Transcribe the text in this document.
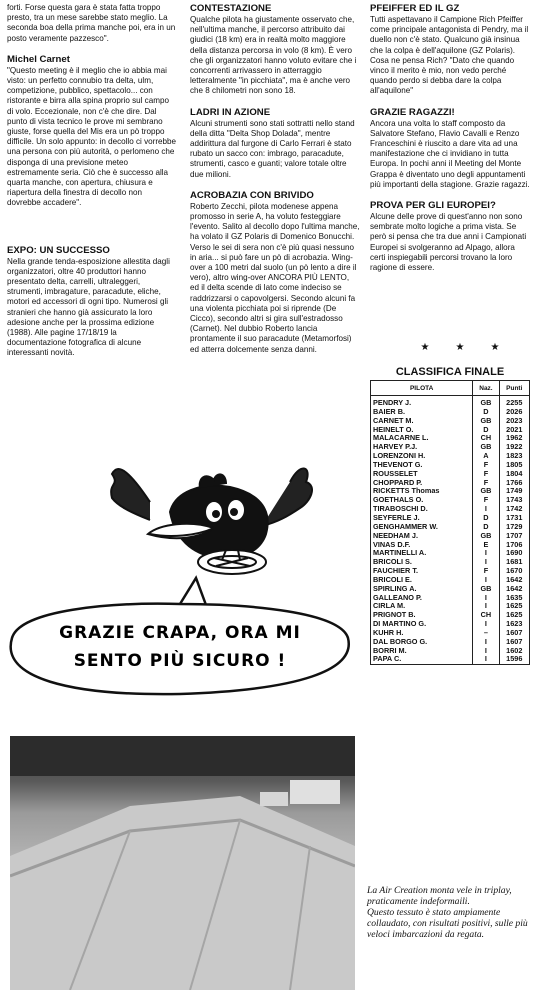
forti. Forse questa gara è stata fatta troppo presto, tra un mese sarebbe stato meglio. La seconda boa della prima manche poi, era in un posto veramente pazzesco".

Michel Carnet

"Questo meeting è il meglio che io abbia mai visto: un perfetto connubio tra delta, ulm, competizione, pubblico, spettacolo... con ristorante e birra alla spina proprio sul campo di volo. Eccezionale, non c'è che dire. Dal punto di vista tecnico le prove mi sembrano giuste, forse quella del Mis era un pò troppo difficile. Un solo appunto: in decollo ci vorrebbe una persona con più autorità, o perlomeno che disponga di una previsione meteo estremamente seria. Ciò che è successo alla quarta manche, con apertura, chiusura e riapertura della finestra di decollo non dovrebbe accadere".

EXPO: UN SUCCESSO

Nella grande tenda-esposizione allestita dagli organizzatori, oltre 40 produttori hanno presentato delta, carrelli, ultraleggeri, strumenti, imbragature, paracadute, eliche, motori ed accessori di ogni tipo. Numerosi gli stranieri che hanno già assicurato la loro adesione anche per la prossima edizione (1988). Alle pagine 17/18/19 la documentazione fotografica di alcune interessanti novità.

CONTESTAZIONE

Qualche pilota ha giustamente osservato che, nell'ultima manche, il percorso attribuito dai giudici (18 km) era in realtà molto maggiore della distanza percorsa in volo (8 km). È vero che gli organizzatori hanno voluto evitare che i concorrenti arrivassero in atterraggio letteralmente "in picchiata", ma è anche vero che 8 chilometri non sono 18.

LADRI IN AZIONE

Alcuni strumenti sono stati sottratti nello stand della ditta "Delta Shop Dolada", mentre addirittura dal furgone di Carlo Ferrari è stato rubato un sacco con: imbrago, paracadute, strumenti, casco e guanti; valore totale oltre due milioni.

ACROBAZIA CON BRIVIDO

Roberto Zecchi, pilota modenese appena promosso in serie A, ha voluto festeggiare l'evento. Salito al decollo dopo l'ultima manche, ha volato il GZ Polaris di Domenico Bonucchi. Verso le sei di sera non c'è più quasi nessuno in aria... si può fare un pò di acrobazia. Wing-over a 100 metri dal suolo (un pò lento a dire il vero), altro wing-over ANCORA PIÙ LENTO, ed il delta scende di lato come indeciso se raddrizzarsi o capovolgersi. Secondo alcuni fa una violenta picchiata poi si riprende (De Cicco), secondo altri si gira sull'estradosso (Carnet). Nel dubbio Roberto lancia prontamente il suo paracadute (Metamorfosi) ed atterra dolcemente senza danni.

PFEIFFER ED IL GZ

Tutti aspettavano il Campione Rich Pfeiffer come principale antagonista di Pendry, ma il duello non c'è stato. Qualcuno già insinua che la colpa è dell'aquilone (GZ Polaris). Cosa ne pensa Rich? "Dato che quando vinco il merito è mio, non vedo perché quando perdo si debba dare la colpa all'aquilone"

GRAZIE RAGAZZI!

Ancora una volta lo staff composto da Salvatore Stefano, Flavio Cavalli e Renzo Franceschini è riuscito a dare vita ad una manifestazione che ci invidiano in tutta Europa. In pochi anni il Meeting del Monte Grappa è diventato uno degli appuntamenti più importanti della stagione. Grazie ragazzi.

PROVA PER GLI EUROPEI?

Alcune delle prove di quest'anno non sono sembrate molto logiche a prima vista. Se però si pensa che tra due anni i Campionati Europei si svolgeranno ad Alpago, allora certi inspiegabili percorsi trovano la loro ragione di essere.

★	★	★
CLASSIFICA FINALE
PILOTA	Naz.	Punti
PENDRY J.	GB	2255
BAIER B.	D	2026
CARNET M.	GB	2023
HEINELT O.	D	2021
MALACARNE L.	CH	1962
HARVEY P.J.	GB	1922
LORENZONI H.	A	1823
THEVENOT G.	F	1805
ROUSSELET	F	1804
CHOPPARD P.	F	1766
RICKETTS Thomas	GB	1749
GOETHALS O.	F	1743
TIRABOSCHI D.	I	1742
SEYFERLE J.	D	1731
GENGHAMMER W.	D	1729
NEEDHAM J.	GB	1707
VINAS D.F.	E	1706
MARTINELLI A.	I	1690
BRICOLI S.	I	1681
FAUCHIER T.	F	1670
BRICOLI E.	I	1642
SPIRLING A.	GB	1642
GALLEANO P.	I	1635
CIRLA M.	I	1625
PRIGNOT B.	CH	1625
DI MARTINO G.	I	1623
KUHR H.	–	1607
DAL BORGO G.	I	1607
BORRI M.	I	1602
PAPA C.	I	1596
GRAZIE CRAPA, ORA MI
SENTO PIÙ SICURO !

La Air Creation monta vele in triplay, praticamente indeformaili.

Questo tessuto è stato ampiamente collaudato, con risultati positivi, sulle più veloci imbarcazioni da regata.
